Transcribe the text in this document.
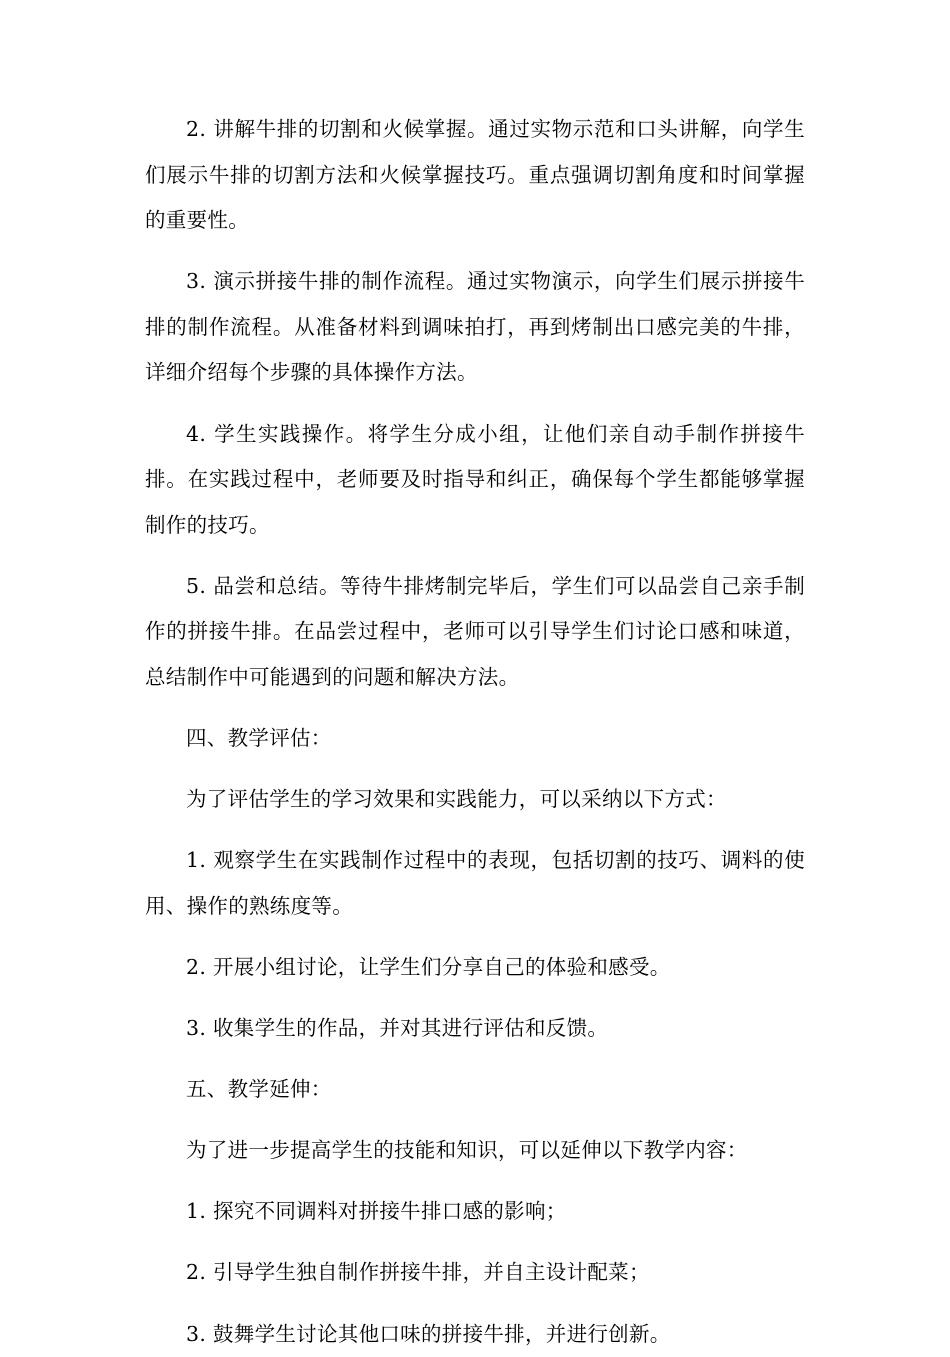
2. 讲解牛排的切割和火候掌握。通过实物示范和口头讲解，向学生们展示牛排的切割方法和火候掌握技巧。重点强调切割角度和时间掌握的重要性。

3. 演示拼接牛排的制作流程。通过实物演示，向学生们展示拼接牛排的制作流程。从准备材料到调味拍打，再到烤制出口感完美的牛排，详细介绍每个步骤的具体操作方法。

4. 学生实践操作。将学生分成小组，让他们亲自动手制作拼接牛排。在实践过程中，老师要及时指导和纠正，确保每个学生都能够掌握制作的技巧。

5. 品尝和总结。等待牛排烤制完毕后，学生们可以品尝自己亲手制作的拼接牛排。在品尝过程中，老师可以引导学生们讨论口感和味道，总结制作中可能遇到的问题和解决方法。

四、教学评估：

为了评估学生的学习效果和实践能力，可以采纳以下方式：

1. 观察学生在实践制作过程中的表现，包括切割的技巧、调料的使用、操作的熟练度等。

2. 开展小组讨论，让学生们分享自己的体验和感受。

3. 收集学生的作品，并对其进行评估和反馈。

五、教学延伸：

为了进一步提高学生的技能和知识，可以延伸以下教学内容：

1. 探究不同调料对拼接牛排口感的影响；

2. 引导学生独自制作拼接牛排，并自主设计配菜；

3. 鼓舞学生讨论其他口味的拼接牛排，并进行创新。
